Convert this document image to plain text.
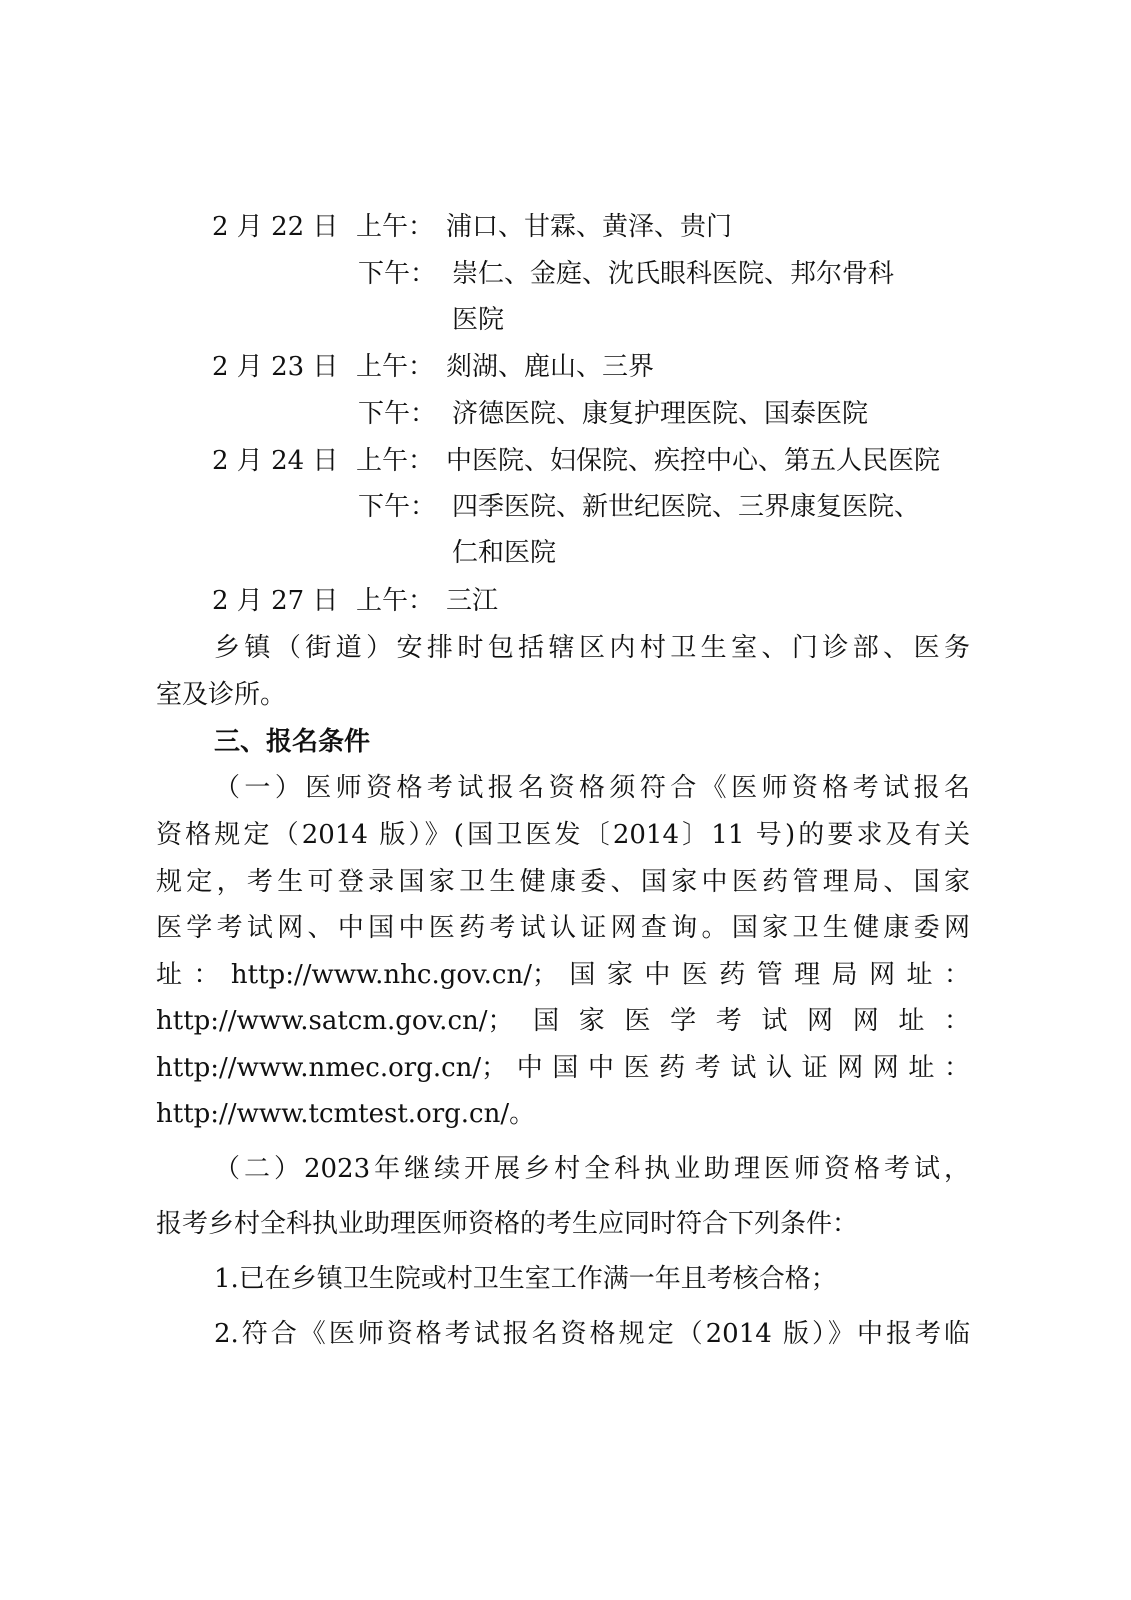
2 月 22 日 上午： 浦口、甘霖、黄泽、贵门
下午： 崇仁、金庭、沈氏眼科医院、邦尔骨科
医院
2 月 23 日 上午： 剡湖、鹿山、三界
下午： 济德医院、康复护理医院、国泰医院
2 月 24 日 上午： 中医院、妇保院、疾控中心、第五人民医院
下午： 四季医院、新世纪医院、三界康复医院、
仁和医院
2 月 27 日 上午： 三江
乡镇（街道）安排时包括辖区内村卫生室、门诊部、医务
室及诊所。
三、报名条件
（一）医师资格考试报名资格须符合《医师资格考试报名
资格规定（2014 版）》(国卫医发〔2014〕11 号)的要求及有关
规定，考生可登录国家卫生健康委、国家中医药管理局、国家
医学考试网、中国中医药考试认证网查询。国家卫生健康委网
址：http://www.nhc.gov.cn/；国家中医药管理局网址：
http://www.satcm.gov.cn/；国家医学考试网网址：
http://www.nmec.org.cn/；中国中医药考试认证网网址：
http://www.tcmtest.org.cn/。
（二）2023年继续开展乡村全科执业助理医师资格考试，
报考乡村全科执业助理医师资格的考生应同时符合下列条件：
1.已在乡镇卫生院或村卫生室工作满一年且考核合格；
2.符合《医师资格考试报名资格规定（2014 版）》中报考临
